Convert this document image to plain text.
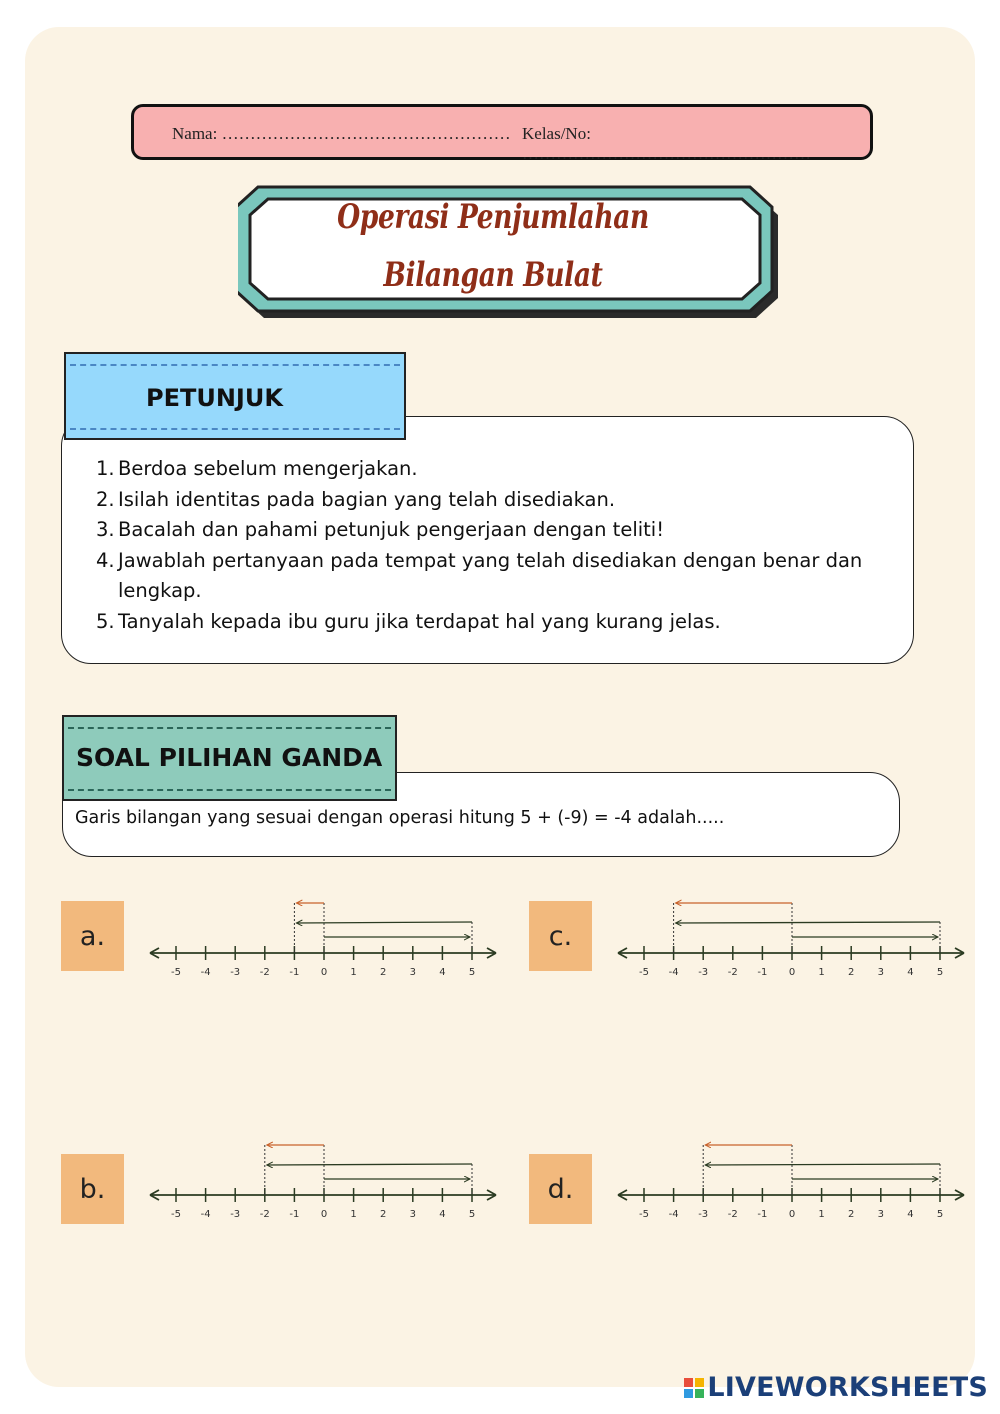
Nama: …………………………………………… Kelas/No: ……………………………………………
Operasi Penjumlahan
Bilangan Bulat
PETUNJUK
1. Berdoa sebelum mengerjakan.
2. Isilah identitas pada bagian yang telah disediakan.
3. Bacalah dan pahami petunjuk pengerjaan dengan teliti!
4. Jawablah pertanyaan pada tempat yang telah disediakan dengan benar dan lengkap.
5. Tanyalah kepada ibu guru jika terdapat hal yang kurang jelas.
SOAL PILIHAN GANDA
Garis bilangan yang sesuai dengan operasi hitung 5 + (-9) = -4 adalah.....
a.
b.
c.
d.
-5 -4 -3 -2 -1 0 1 2 3 4 5
-5 -4 -3 -2 -1 0 1 2 3 4 5
-5 -4 -3 -2 -1 0 1 2 3 4 5
-5 -4 -3 -2 -1 0 1 2 3 4 5
LIVEWORKSHEETS
